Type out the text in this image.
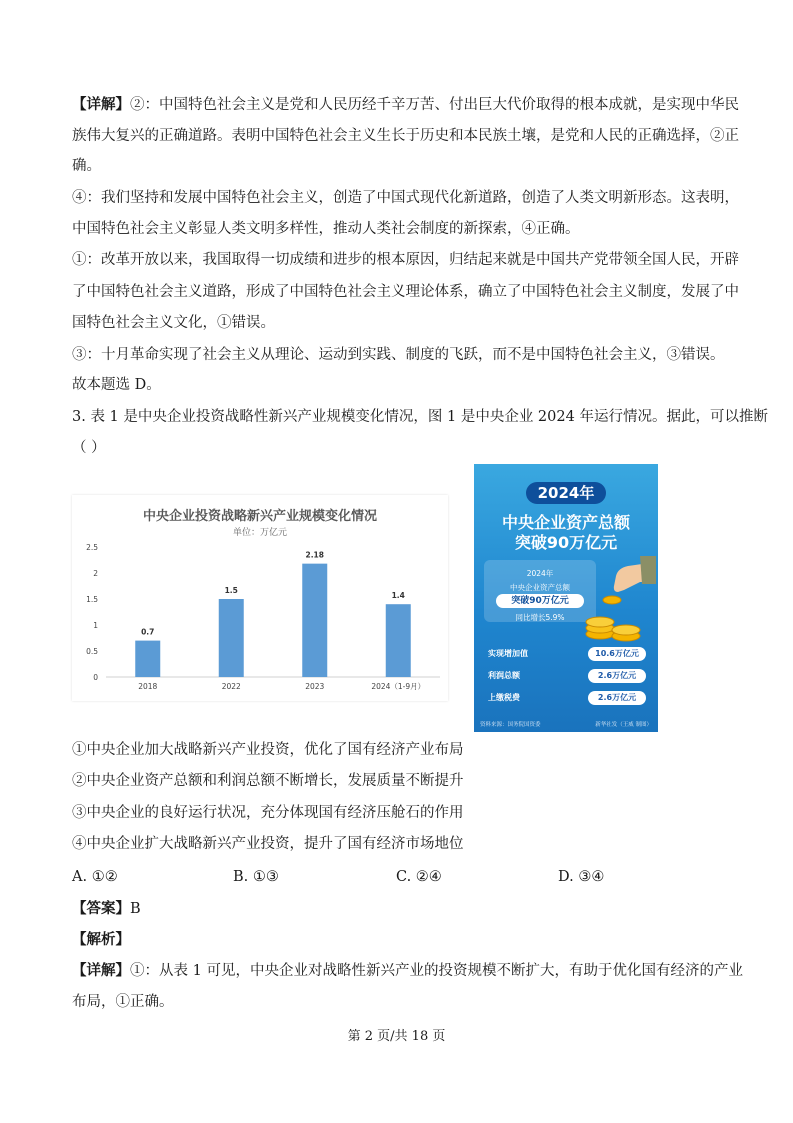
【详解】②：中国特色社会主义是党和人民历经千辛万苦、付出巨大代价取得的根本成就，是实现中华民
族伟大复兴的正确道路。表明中国特色社会主义生长于历史和本民族土壤，是党和人民的正确选择，②正
确。
④：我们坚持和发展中国特色社会主义，创造了中国式现代化新道路，创造了人类文明新形态。这表明，
中国特色社会主义彰显人类文明多样性，推动人类社会制度的新探索，④正确。
①：改革开放以来，我国取得一切成绩和进步的根本原因，归结起来就是中国共产党带领全国人民，开辟
了中国特色社会主义道路，形成了中国特色社会主义理论体系，确立了中国特色社会主义制度，发展了中
国特色社会主义文化，①错误。
③：十月革命实现了社会主义从理论、运动到实践、制度的飞跃，而不是中国特色社会主义，③错误。
故本题选 D。
3. 表 1 是中央企业投资战略性新兴产业规模变化情况，图 1 是中央企业 2024 年运行情况。据此，可以推断
（ ）
中央企业投资战略新兴产业规模变化情况
单位：万亿元
0
0.5
1
1.5
2
2.5
0.7
2018
1.5
2022
2.18
2023
1.4
2024（1-9月）
2024年
中央企业资产总额
突破90万亿元
2024年
中央企业资产总额
突破90万亿元
同比增长5.9%
实现增加值	10.6万亿元
利润总额	2.6万亿元
上缴税费	2.6万亿元
资料来源：国务院国资委	新华社发（王威 制图）
①中央企业加大战略新兴产业投资，优化了国有经济产业布局
②中央企业资产总额和利润总额不断增长，发展质量不断提升
③中央企业的良好运行状况，充分体现国有经济压舱石的作用
④中央企业扩大战略新兴产业投资，提升了国有经济市场地位
A. ①②	B. ①③	C. ②④	D. ③④
【答案】B
【解析】
【详解】①：从表 1 可见，中央企业对战略性新兴产业的投资规模不断扩大，有助于优化国有经济的产业
布局，①正确。
第 2 页/共 18 页
